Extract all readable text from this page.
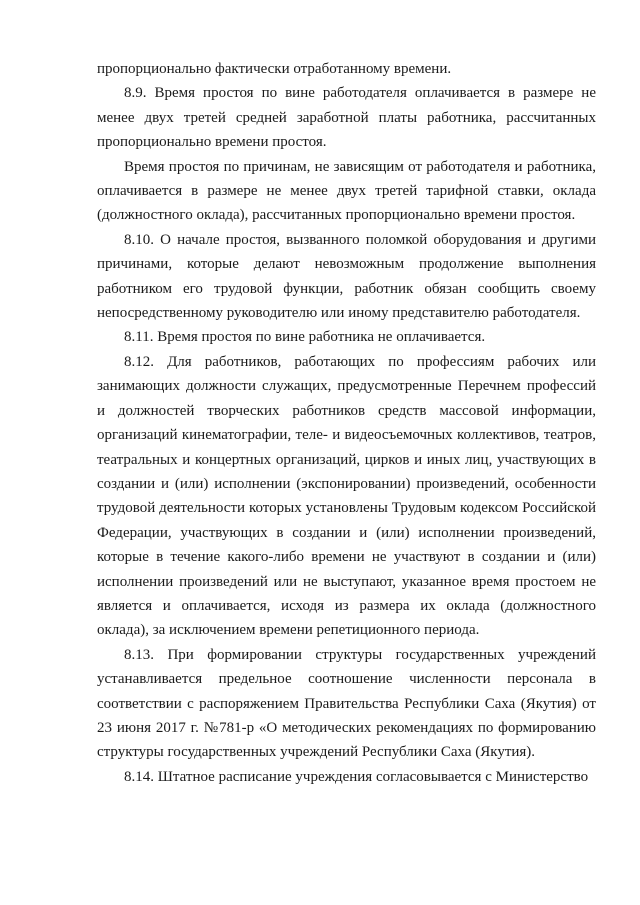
пропорционально фактически отработанному времени.

8.9. Время простоя по вине работодателя оплачивается в размере не менее двух третей средней заработной платы работника, рассчитанных пропорционально времени простоя.

Время простоя по причинам, не зависящим от работодателя и работника, оплачивается в размере не менее двух третей тарифной ставки, оклада (должностного оклада), рассчитанных пропорционально времени простоя.

8.10. О начале простоя, вызванного поломкой оборудования и другими причинами, которые делают невозможным продолжение выполнения работником его трудовой функции, работник обязан сообщить своему непосредственному руководителю или иному представителю работодателя.

8.11. Время простоя по вине работника не оплачивается.

8.12. Для работников, работающих по профессиям рабочих или занимающих должности служащих, предусмотренные Перечнем профессий и должностей творческих работников средств массовой информации, организаций кинематографии, теле- и видеосъемочных коллективов, театров, театральных и концертных организаций, цирков и иных лиц, участвующих в создании и (или) исполнении (экспонировании) произведений, особенности трудовой деятельности которых установлены Трудовым кодексом Российской Федерации, участвующих в создании и (или) исполнении произведений, которые в течение какого-либо времени не участвуют в создании и (или) исполнении произведений или не выступают, указанное время простоем не является и оплачивается, исходя из размера их оклада (должностного оклада), за исключением времени репетиционного периода.

8.13. При формировании структуры государственных учреждений устанавливается предельное соотношение численности персонала в соответствии с распоряжением Правительства Республики Саха (Якутия) от 23 июня 2017 г. №781-р «О методических рекомендациях по формированию структуры государственных учреждений Республики Саха (Якутия).

8.14. Штатное расписание учреждения согласовывается с Министерство
